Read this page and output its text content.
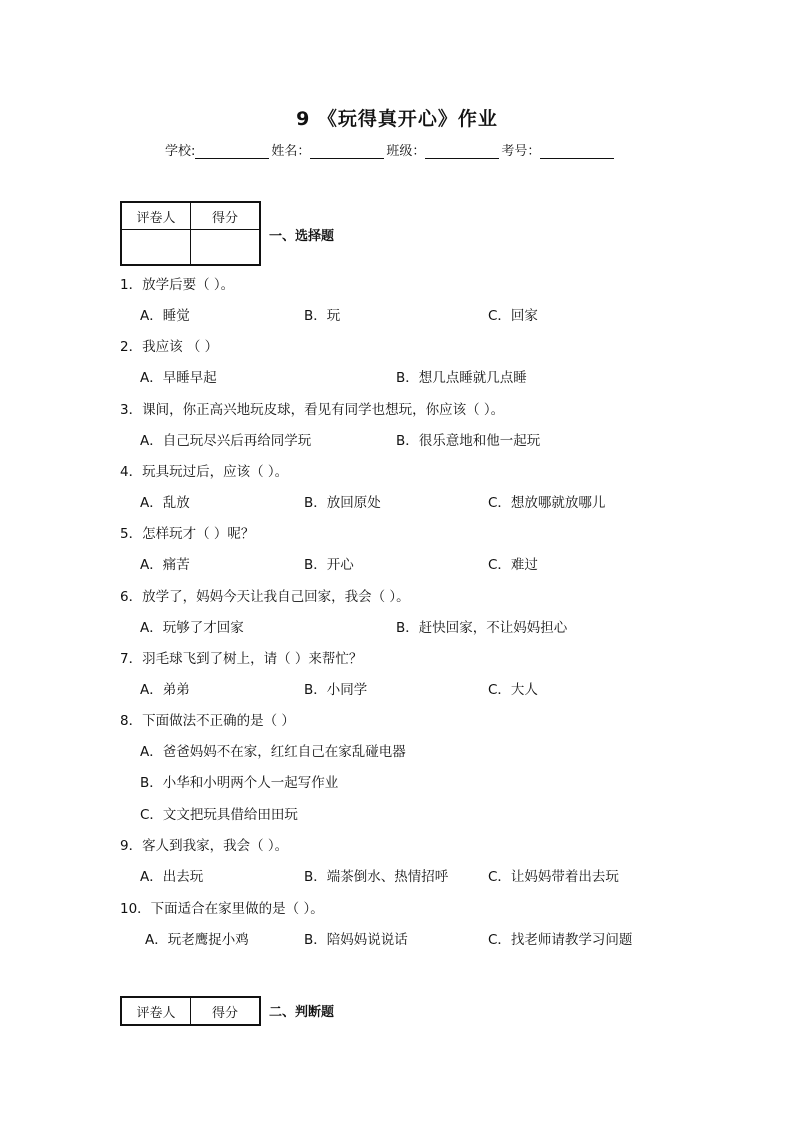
9 《玩得真开心》作业
学校:	姓名：	班级：	考号：
评卷人	得分

一、选择题
1．放学后要（ ）。
A．睡觉	B．玩	C．回家
2．我应该 （ ）
A．早睡早起	B．想几点睡就几点睡
3．课间，你正高兴地玩皮球，看见有同学也想玩，你应该（ ）。
A．自己玩尽兴后再给同学玩	B．很乐意地和他一起玩
4．玩具玩过后，应该（ ）。
A．乱放	B．放回原处	C．想放哪就放哪儿
5．怎样玩才（ ）呢？
A．痛苦	B．开心	C．难过
6．放学了，妈妈今天让我自己回家，我会（ ）。
A．玩够了才回家	B．赶快回家，不让妈妈担心
7．羽毛球飞到了树上，请（ ）来帮忙？
A．弟弟	B．小同学	C．大人
8．下面做法不正确的是（ ）
A．爸爸妈妈不在家，红红自己在家乱碰电器
B．小华和小明两个人一起写作业
C．文文把玩具借给田田玩
9．客人到我家，我会（ ）。
A．出去玩	B．端茶倒水、热情招呼	C．让妈妈带着出去玩
10．下面适合在家里做的是（ ）。
A．玩老鹰捉小鸡	B．陪妈妈说说话	C．找老师请教学习问题
评卷人	得分 二、判断题
